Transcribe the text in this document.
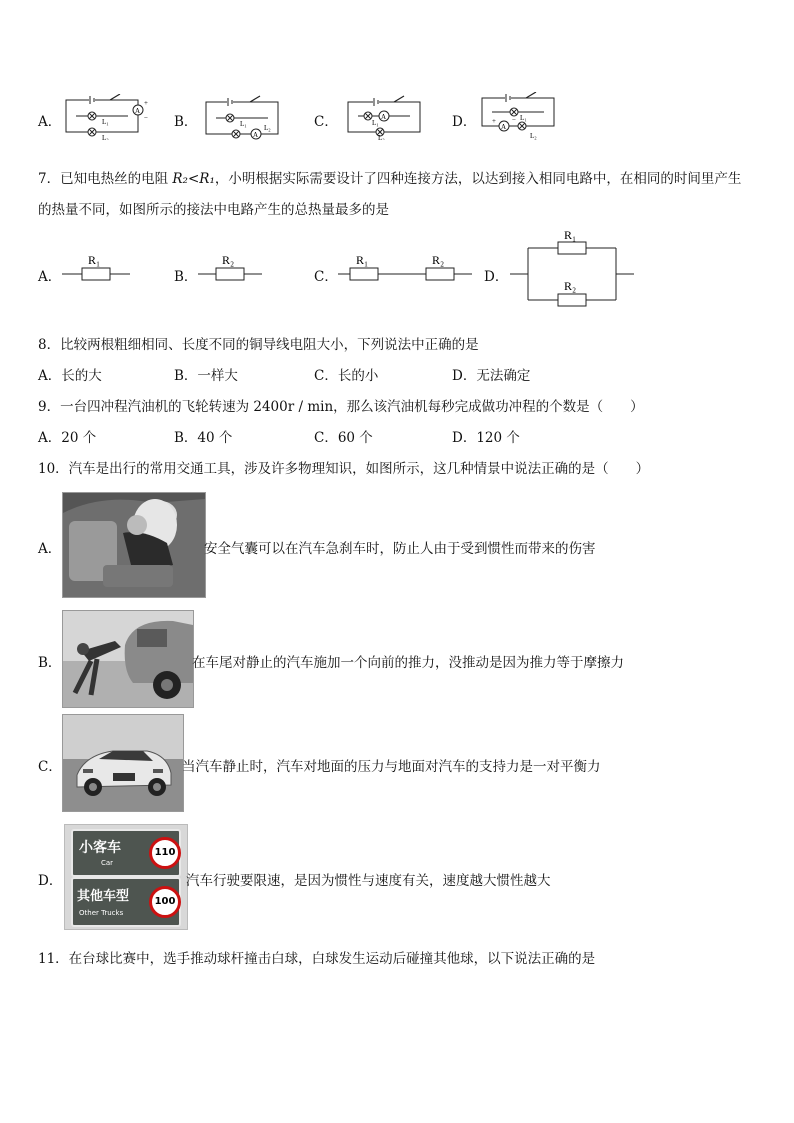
A．
A
+
−
L₁
L₂
B．
A
L₁ L₂	C．	A
L₁
L₂
D．	A
+ − L₁
L₂
7．已知电热丝的电阻 R₂<R₁，小明根据实际需要设计了四种连接方法，以达到接入相同电路中，在相同的时间里产生
的热量不同，如图所示的接法中电路产生的总热量最多的是
A．
R₁
B．
R₂
C．
R₁	R₂
D．
R₁
R₂
8．比较两根粗细相同、长度不同的铜导线电阻大小，下列说法中正确的是
A．长的大	B．一样大	C．长的小	D．无法确定
9．一台四冲程汽油机的飞轮转速为 2400r / min，那么该汽油机每秒完成做功冲程的个数是（　　）
A．20 个	B．40 个	C．60 个	D．120 个
10．汽车是出行的常用交通工具，涉及许多物理知识，如图所示，这几种情景中说法正确的是（　　）
A．	安全气囊可以在汽车急刹车时，防止人由于受到惯性而带来的伤害
B．	在车尾对静止的汽车施加一个向前的推力，没推动是因为推力等于摩擦力
C．	当汽车静止时，汽车对地面的压力与地面对汽车的支持力是一对平衡力
D．
小客车
Car
110
其他车型
Other Trucks
100
汽车行驶要限速，是因为惯性与速度有关，速度越大惯性越大
11．在台球比赛中，选手推动球杆撞击白球，白球发生运动后碰撞其他球，以下说法正确的是
